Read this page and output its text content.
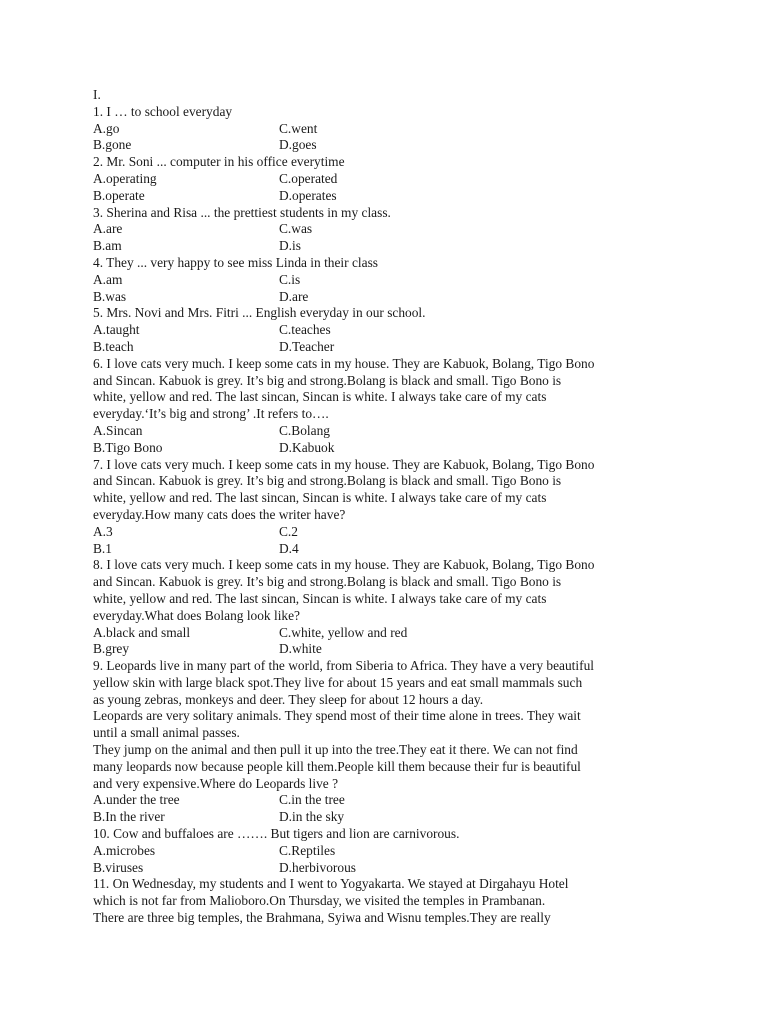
I.
1. I … to school everyday
A.go	C.went
B.gone	D.goes
2. Mr. Soni ... computer in his office everytime
A.operating	C.operated
B.operate	D.operates
3. Sherina and Risa ... the prettiest students in my class.
A.are	C.was
B.am	D.is
4. They ... very happy to see miss Linda in their class
A.am	C.is
B.was	D.are
5. Mrs. Novi and Mrs. Fitri ... English everyday in our school.
A.taught	C.teaches
B.teach	D.Teacher
6. I love cats very much. I keep some cats in my house. They are Kabuok, Bolang, Tigo Bono
and Sincan. Kabuok is grey. It’s big and strong.Bolang is black and small. Tigo Bono is
white, yellow and red. The last sincan, Sincan is white. I always take care of my cats
everyday.‘It’s big and strong’ .It refers to….
A.Sincan	C.Bolang
B.Tigo Bono	D.Kabuok
7. I love cats very much. I keep some cats in my house. They are Kabuok, Bolang, Tigo Bono
and Sincan. Kabuok is grey. It’s big and strong.Bolang is black and small. Tigo Bono is
white, yellow and red. The last sincan, Sincan is white. I always take care of my cats
everyday.How many cats does the writer have?
A.3	C.2
B.1	D.4
8. I love cats very much. I keep some cats in my house. They are Kabuok, Bolang, Tigo Bono
and Sincan. Kabuok is grey. It’s big and strong.Bolang is black and small. Tigo Bono is
white, yellow and red. The last sincan, Sincan is white. I always take care of my cats
everyday.What does Bolang look like?
A.black and small	C.white, yellow and red
B.grey	D.white
9. Leopards live in many part of the world, from Siberia to Africa. They have a very beautiful
yellow skin with large black spot.They live for about 15 years and eat small mammals such
as young zebras, monkeys and deer. They sleep for about 12 hours a day.
Leopards are very solitary animals. They spend most of their time alone in trees. They wait
until a small animal passes.
They jump on the animal and then pull it up into the tree.They eat it there. We can not find
many leopards now because people kill them.People kill them because their fur is beautiful
and very expensive.Where do Leopards live ?
A.under the tree	C.in the tree
B.In the river	D.in the sky
10. Cow and buffaloes are ……. But tigers and lion are carnivorous.
A.microbes	C.Reptiles
B.viruses	D.herbivorous
11. On Wednesday, my students and I went to Yogyakarta. We stayed at Dirgahayu Hotel
which is not far from Malioboro.On Thursday, we visited the temples in Prambanan.
There are three big temples, the Brahmana, Syiwa and Wisnu temples.They are really
